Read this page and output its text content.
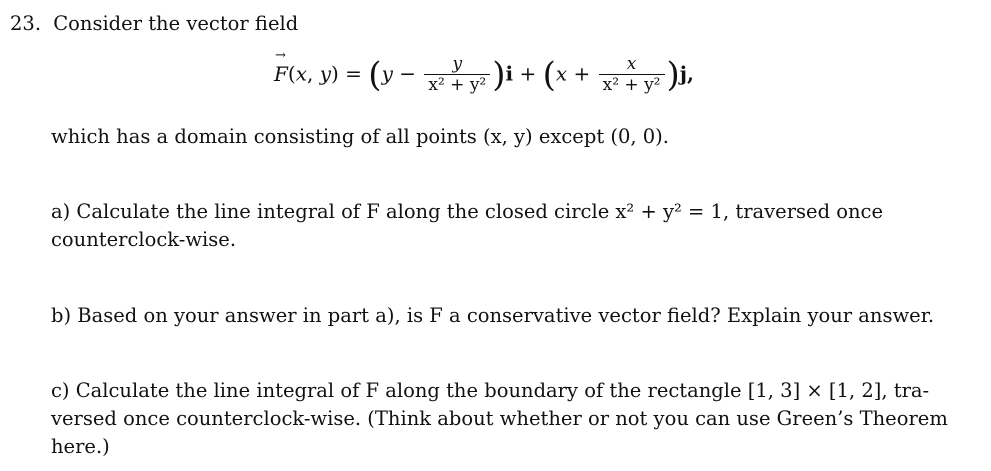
23. Consider the vector field
→ F(x, $y) = (y - \frac{y}{\text{x² + y²}} )i + (x + \frac{x}{\text{x² + y²}} )j$,
which has a domain consisting of all points (x, y) except (0, 0).
a) Calculate the line integral of F along the closed circle x² + y² = 1, traversed once
counterclock-wise.
b) Based on your answer in part a), is F a conservative vector field? Explain your answer.
c) Calculate the line integral of F along the boundary of the rectangle [1, 3] × [1, 2], tra-
versed once counterclock-wise. (Think about whether or not you can use Green’s Theorem
here.)
